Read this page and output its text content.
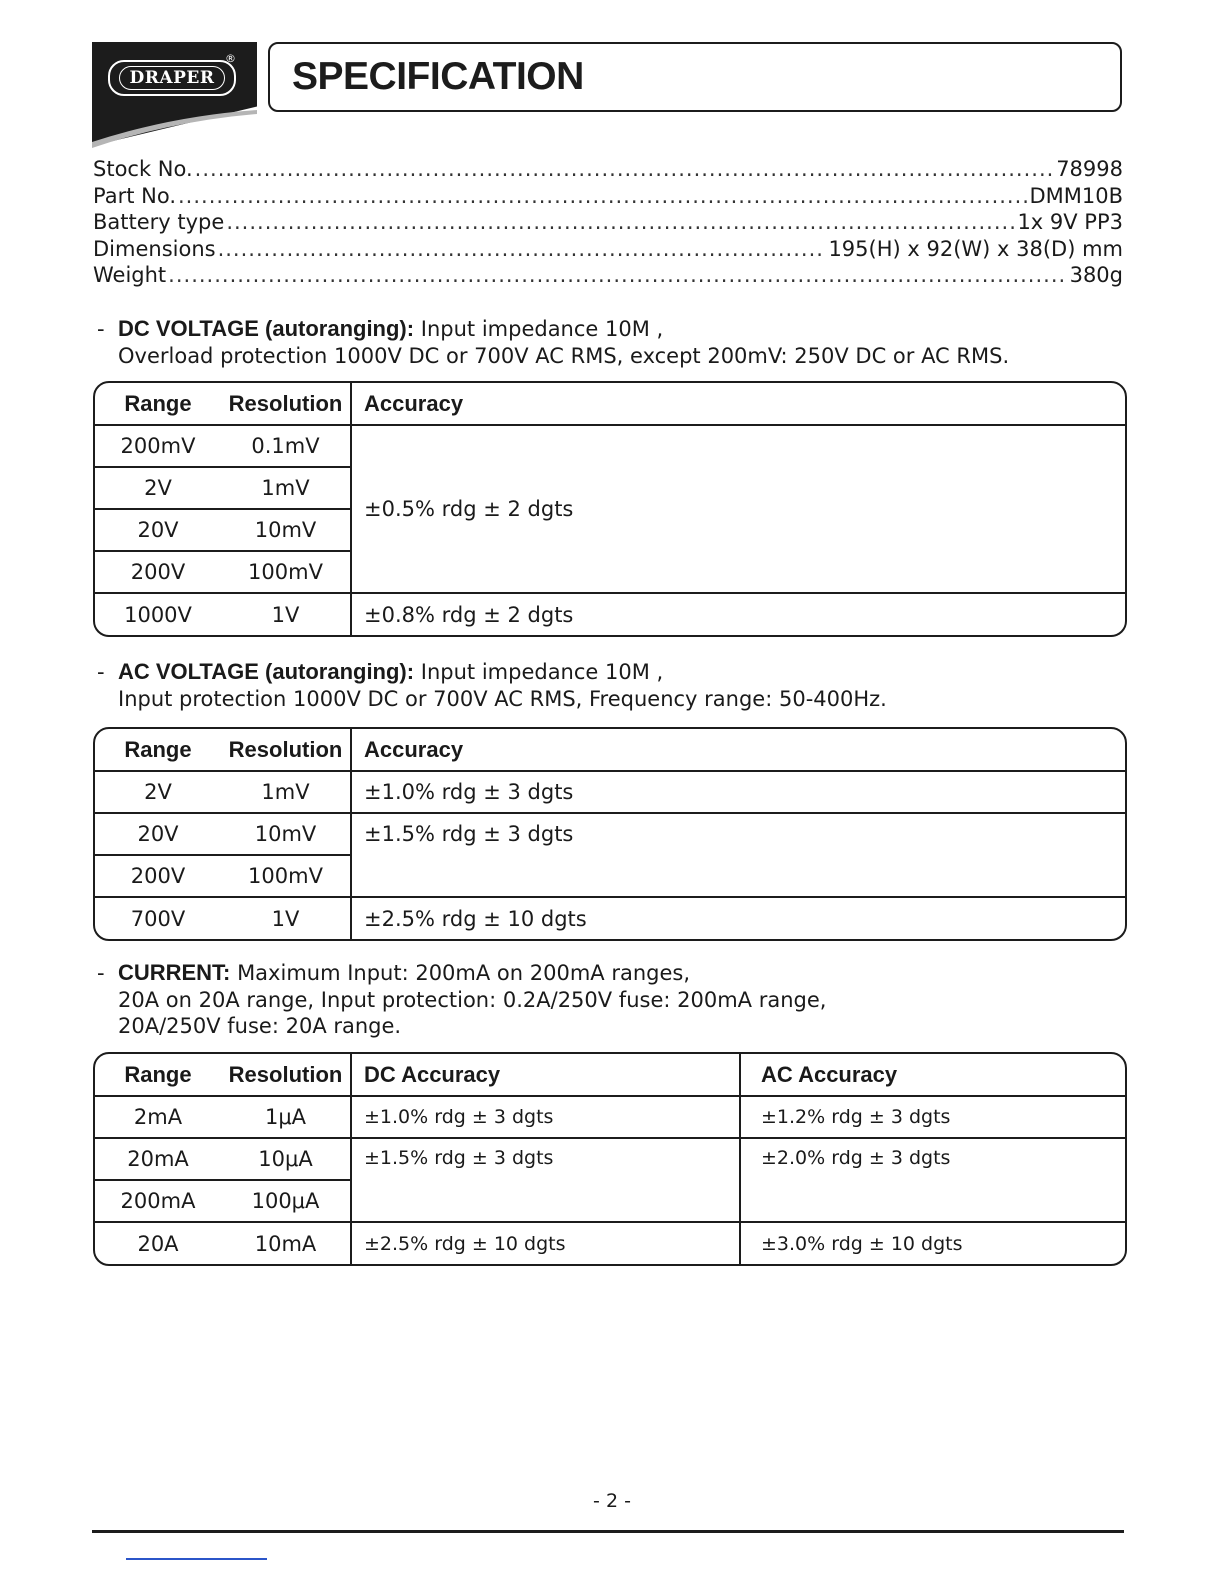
DRAPER
® SPECIFICATION
Stock No. .....	78998
Part No. .....	DMM10B
Battery type .....	1x 9V PP3
Dimensions .....	195(H) x 92(W) x 38(D) mm
Weight .....	380g
- DC VOLTAGE (autoranging): Input impedance 10M ,
Overload protection 1000V DC or 700V AC RMS, except 200mV: 250V DC or AC RMS.
Range	Resolution	Accuracy
200mV	0.1mV	±0.5% rdg ± 2 dgts
2V	1mV	
20V	10mV	
200V	100mV	
1000V	1V	±0.8% rdg ± 2 dgts
- AC VOLTAGE (autoranging): Input impedance 10M ,
Input protection 1000V DC or 700V AC RMS, Frequency range: 50-400Hz.
Range	Resolution	Accuracy
2V	1mV	±1.0% rdg ± 3 dgts
20V	10mV	±1.5% rdg ± 3 dgts
200V	100mV	
700V	1V	±2.5% rdg ± 10 dgts
- CURRENT: Maximum Input: 200mA on 200mA ranges,
20A on 20A range, Input protection: 0.2A/250V fuse: 200mA range,
20A/250V fuse: 20A range.
Range	Resolution	DC Accuracy	AC Accuracy
2mA	1μA	±1.0% rdg ± 3 dgts	±1.2% rdg ± 3 dgts
20mA	10μA	±1.5% rdg ± 3 dgts	±2.0% rdg ± 3 dgts
200mA	100μA		
20A	10mA	±2.5% rdg ± 10 dgts	±3.0% rdg ± 10 dgts
- 2 -
